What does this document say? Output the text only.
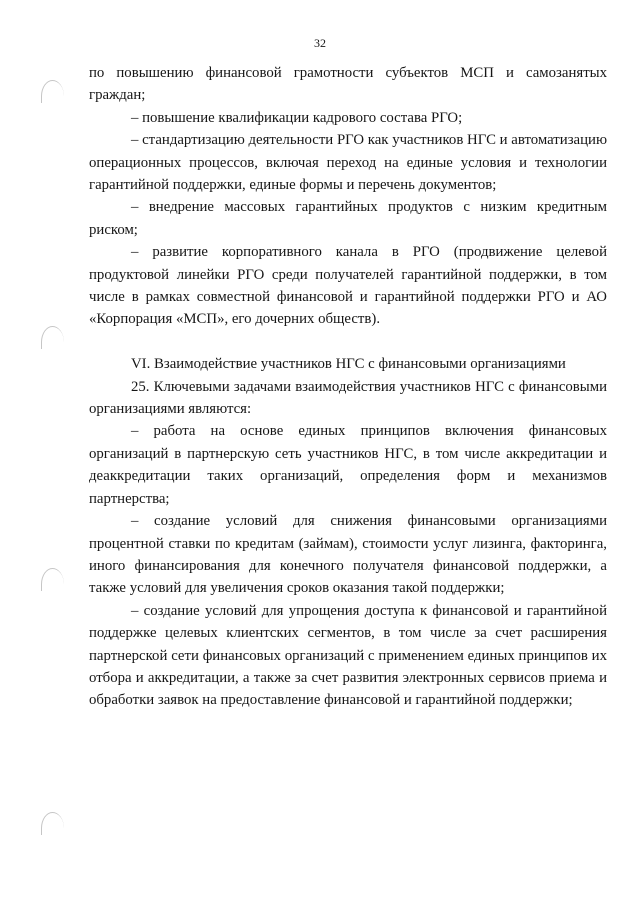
32

по повышению финансовой грамотности субъектов МСП и самозанятых граждан;

– повышение квалификации кадрового состава РГО;

– стандартизацию деятельности РГО как участников НГС и автоматизацию операционных процессов, включая переход на единые условия и технологии гарантийной поддержки, единые формы и перечень документов;

– внедрение массовых гарантийных продуктов с низким кредитным риском;

– развитие корпоративного канала в РГО (продвижение целевой продуктовой линейки РГО среди получателей гарантийной поддержки, в том числе в рамках совместной финансовой и гарантийной поддержки РГО и АО «Корпорация «МСП», его дочерних обществ).

VI. Взаимодействие участников НГС с финансовыми организациями

25. Ключевыми задачами взаимодействия участников НГС с финансовыми организациями являются:

– работа на основе единых принципов включения финансовых организаций в партнерскую сеть участников НГС, в том числе аккредитации и деаккредитации таких организаций, определения форм и механизмов партнерства;

– создание условий для снижения финансовыми организациями процентной ставки по кредитам (займам), стоимости услуг лизинга, факторинга, иного финансирования для конечного получателя финансовой поддержки, а также условий для увеличения сроков оказания такой поддержки;

– создание условий для упрощения доступа к финансовой и гарантийной поддержке целевых клиентских сегментов, в том числе за счет расширения партнерской сети финансовых организаций с применением единых принципов их отбора и аккредитации, а также за счет развития электронных сервисов приема и обработки заявок на предоставление финансовой и гарантийной поддержки;
